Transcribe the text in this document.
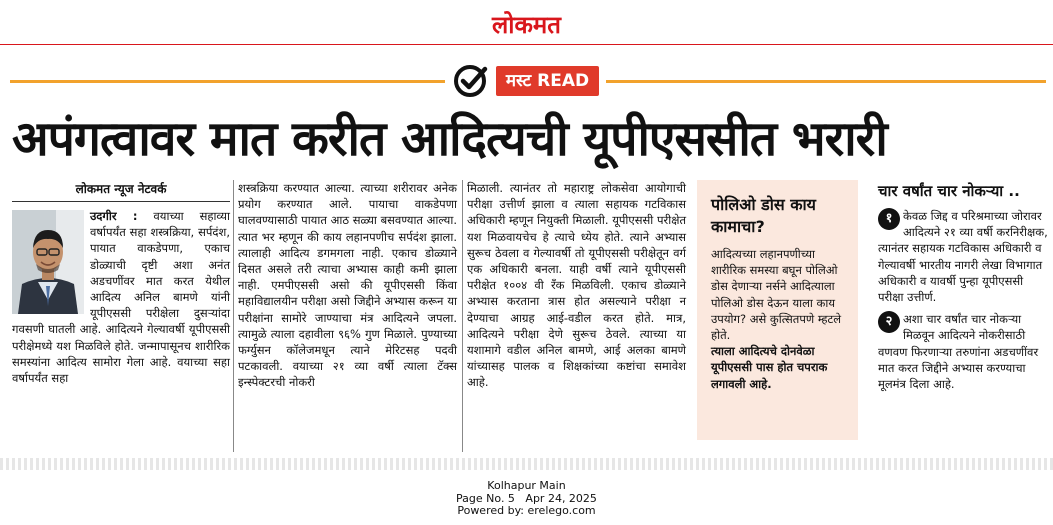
लोकमत
मस्ट READ
अपंगत्वावर मात करीत आदित्यची यूपीएससीत भरारी
लोकमत न्यूज नेटवर्क
उदगीर : वयाच्या सहाव्या वर्षापर्यंत सहा शस्त्रक्रिया, सर्पदंश, पायात वाकडेपणा, एकाच डोळ्याची दृष्टी अशा अनंत अडचणींवर मात करत येथील आदित्य अनिल बामणे यांनी यूपीएससी परीक्षेला दुसऱ्यांदा गवसणी घातली आहे. आदित्यने गेल्यावर्षी यूपीएससी परीक्षेमध्ये यश मिळविले होते. जन्मापासूनच शारीरिक समस्यांना आदित्य सामोरा गेला आहे. वयाच्या सहा वर्षापर्यंत सहा
शस्त्रक्रिया करण्यात आल्या. त्याच्या शरीरावर अनेक प्रयोग करण्यात आले. पायाचा वाकडेपणा घालवण्यासाठी पायात आठ सळ्या बसवण्यात आल्या. त्यात भर म्हणून की काय लहानपणीच सर्पदंश झाला. त्यालाही आदित्य डगमगला नाही. एकाच डोळ्याने दिसत असले तरी त्याचा अभ्यास काही कमी झाला नाही. एमपीएससी असो की यूपीएससी किंवा महाविद्यालयीन परीक्षा असो जिद्दीने अभ्यास करून या परीक्षांना सामोरे जाण्याचा मंत्र आदित्यने जपला. त्यामुळे त्याला दहावीला ९६% गुण मिळाले. पुण्याच्या फर्ग्युसन कॉलेजमधून त्याने मेरिटसह पदवी पटकावली. वयाच्या २१ व्या वर्षी त्याला टॅक्स इन्स्पेक्टरची नोकरी
मिळाली. त्यानंतर तो महाराष्ट्र लोकसेवा आयोगाची परीक्षा उत्तीर्ण झाला व त्याला सहायक गटविकास अधिकारी म्हणून नियुक्ती मिळाली. यूपीएससी परीक्षेत यश मिळवायचेच हे त्याचे ध्येय होते. त्याने अभ्यास सुरूच ठेवला व गेल्यावर्षी तो यूपीएससी परीक्षेतून वर्ग एक अधिकारी बनला. याही वर्षी त्याने यूपीएससी परीक्षेत १००४ वी रँक मिळविली. एकाच डोळ्याने अभ्यास करताना त्रास होत असल्याने परीक्षा न देण्याचा आग्रह आई-वडील करत होते. मात्र, आदित्यने परीक्षा देणे सुरूच ठेवले. त्याच्या या यशामागे वडील अनिल बामणे, आई अलका बामणे यांच्यासह पालक व शिक्षकांच्या कष्टांचा समावेश आहे.
पोलिओ डोस काय कामाचा?
आदित्यच्या लहानपणीच्या शारीरिक समस्या बघून पोलिओ डोस देणाऱ्या नर्सने आदित्याला पोलिओ डोस देऊन याला काय उपयोग? असे कुत्सितपणे म्हटले होते.
त्याला आदित्यचे दोनवेळा यूपीएससी पास होत चपराक लगावली आहे.
चार वर्षांत चार नोकऱ्या ..
१ केवळ जिद्द व परिश्रमाच्या जोरावर आदित्यने २१ व्या वर्षी करनिरीक्षक, त्यानंतर सहायक गटविकास अधिकारी व गेल्यावर्षी भारतीय नागरी लेखा विभागात अधिकारी व यावर्षी पुन्हा यूपीएससी परीक्षा उत्तीर्ण.
२ अशा चार वर्षांत चार नोकऱ्या मिळवून आदित्यने नोकरीसाठी वणवण फिरणाऱ्या तरुणांना अडचणींवर मात करत जिद्दीने अभ्यास करण्याचा मूलमंत्र दिला आहे.
Kolhapur Main
Page No. 5   Apr 24, 2025
Powered by: erelego.com
